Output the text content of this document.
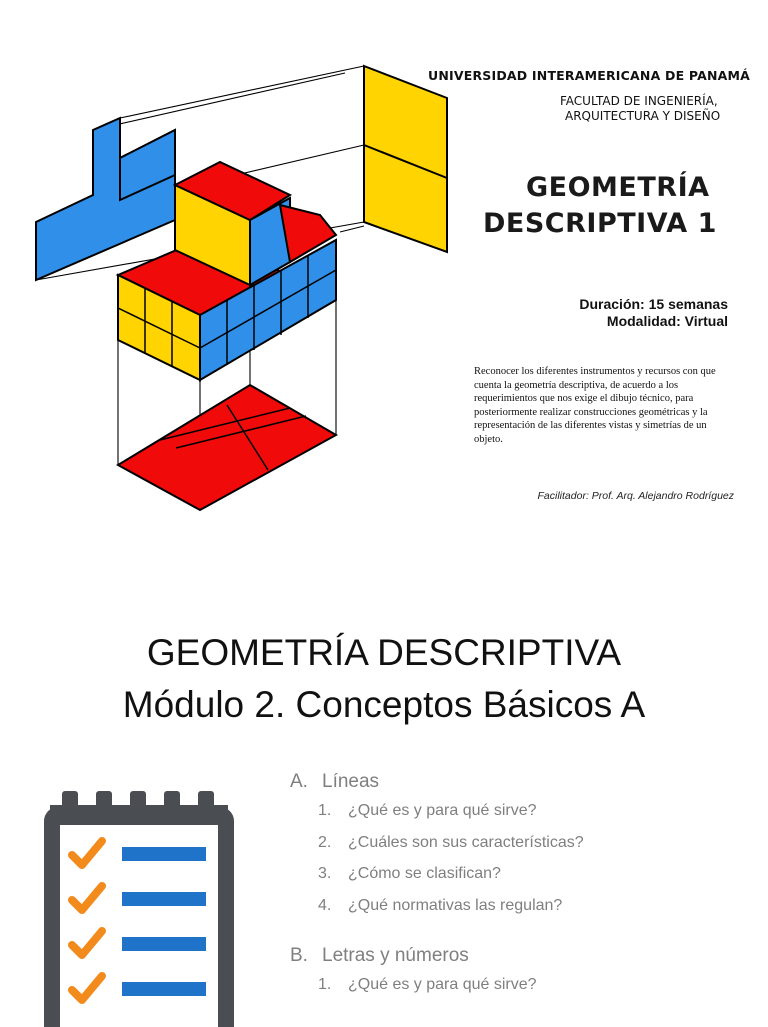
UNIVERSIDAD INTERAMERICANA DE PANAMÁ
FACULTAD DE INGENIERÍA,
ARQUITECTURA Y DISEÑO
GEOMETRÍA
DESCRIPTIVA 1
Duración: 15 semanas
Modalidad: Virtual
Reconocer los diferentes instrumentos y recursos con que cuenta la geometría descriptiva, de acuerdo a los requerimientos que nos exige el dibujo técnico, para posteriormente realizar construcciones geométricas y la representación de las diferentes vistas y simetrías de un objeto.
Facilitador: Prof. Arq. Alejandro Rodríguez
GEOMETRÍA DESCRIPTIVA
Módulo 2. Conceptos Básicos A
A. Líneas
1. ¿Qué es y para qué sirve?
2. ¿Cuáles son sus características?
3. ¿Cómo se clasifican?
4. ¿Qué normativas las regulan?
B. Letras y números
1. ¿Qué es y para qué sirve?
